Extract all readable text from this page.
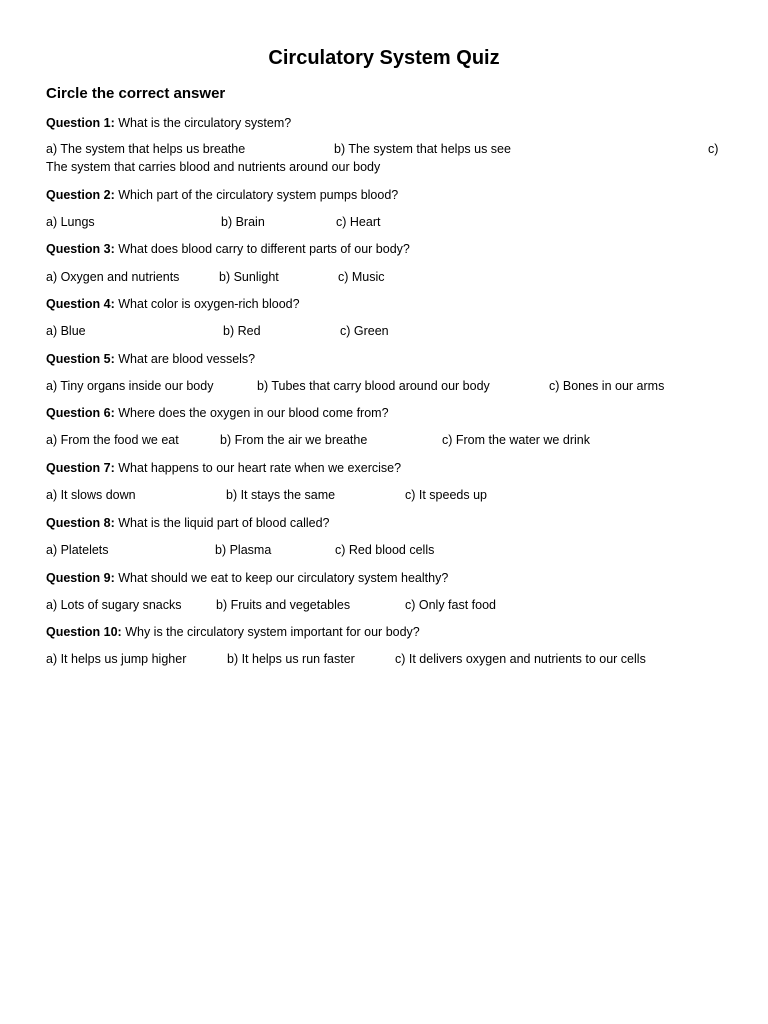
Circulatory System Quiz
Circle the correct answer
Question 1: What is the circulatory system?
a) The system that helps us breathe	b) The system that helps us see	c)
The system that carries blood and nutrients around our body
Question 2: Which part of the circulatory system pumps blood?
a) Lungs	b) Brain	c) Heart
Question 3: What does blood carry to different parts of our body?
a) Oxygen and nutrients	b) Sunlight	c) Music
Question 4: What color is oxygen-rich blood?
a) Blue	b) Red	c) Green
Question 5: What are blood vessels?
a) Tiny organs inside our body	b) Tubes that carry blood around our body	c) Bones in our arms
Question 6: Where does the oxygen in our blood come from?
a) From the food we eat	b) From the air we breathe	c) From the water we drink
Question 7: What happens to our heart rate when we exercise?
a) It slows down	b) It stays the same	c) It speeds up
Question 8: What is the liquid part of blood called?
a) Platelets	b) Plasma	c) Red blood cells
Question 9: What should we eat to keep our circulatory system healthy?
a) Lots of sugary snacks	b) Fruits and vegetables	c) Only fast food
Question 10: Why is the circulatory system important for our body?
a) It helps us jump higher	b) It helps us run faster	c) It delivers oxygen and nutrients to our cells
